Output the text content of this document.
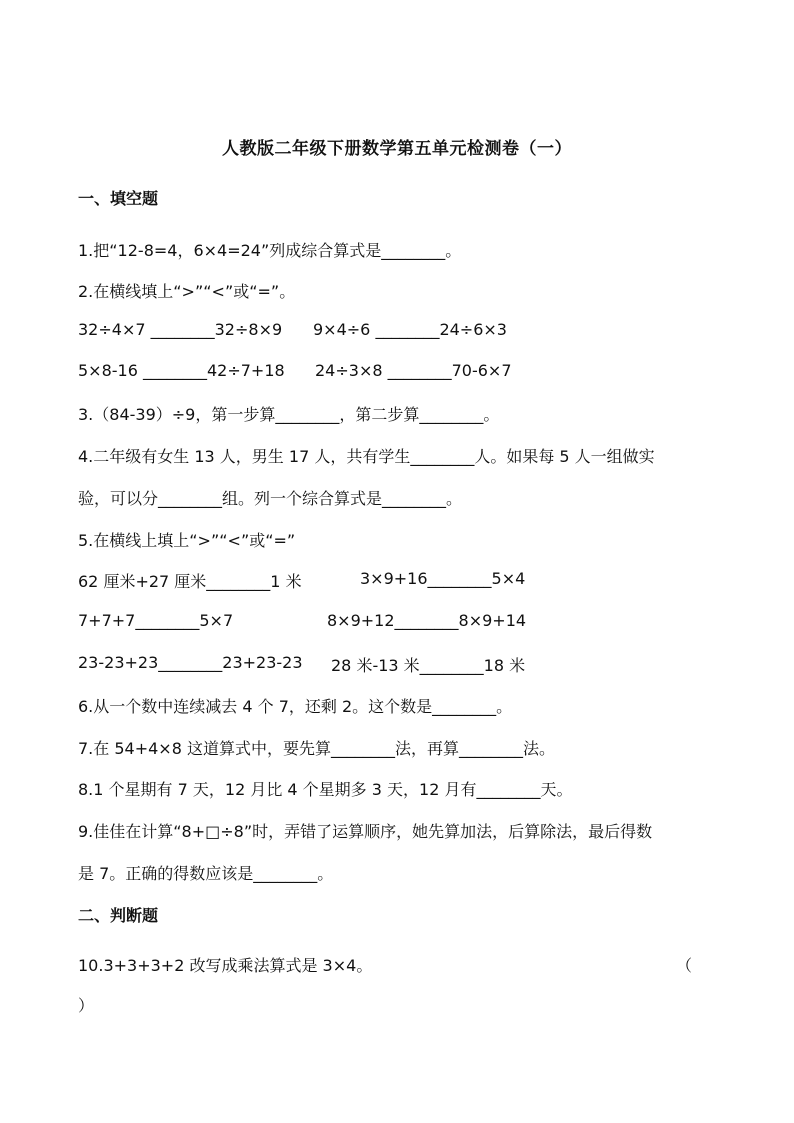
人教版二年级下册数学第五单元检测卷（一）
一、填空题
1.把“12-8=4，6×4=24”列成综合算式是________。
2.在横线填上“>”“<”或“=”。
32÷4×7 ________32÷8×9 9×4÷6 ________24÷6×3
5×8-16 ________42÷7+18 24÷3×8 ________70-6×7
3.（84-39）÷9，第一步算________，第二步算________。
4.二年级有女生 13 人，男生 17 人，共有学生________人。如果每 5 人一组做实
验，可以分________组。列一个综合算式是________。
5.在横线上填上“>”“<”或“=”
62 厘米+27 厘米________1 米	3×9+16________5×4
7+7+7________5×7	8×9+12________8×9+14
23-23+23________23+23-23 28 米-13 米________18 米
6.从一个数中连续减去 4 个 7，还剩 2。这个数是________。
7.在 54+4×8 这道算式中，要先算________法，再算________法。
8.1 个星期有 7 天，12 月比 4 个星期多 3 天，12 月有________天。
9.佳佳在计算“8+□÷8”时，弄错了运算顺序，她先算加法，后算除法，最后得数
是 7。正确的得数应该是________。
二、判断题
10.3+3+3+2 改写成乘法算式是 3×4。	（
）
